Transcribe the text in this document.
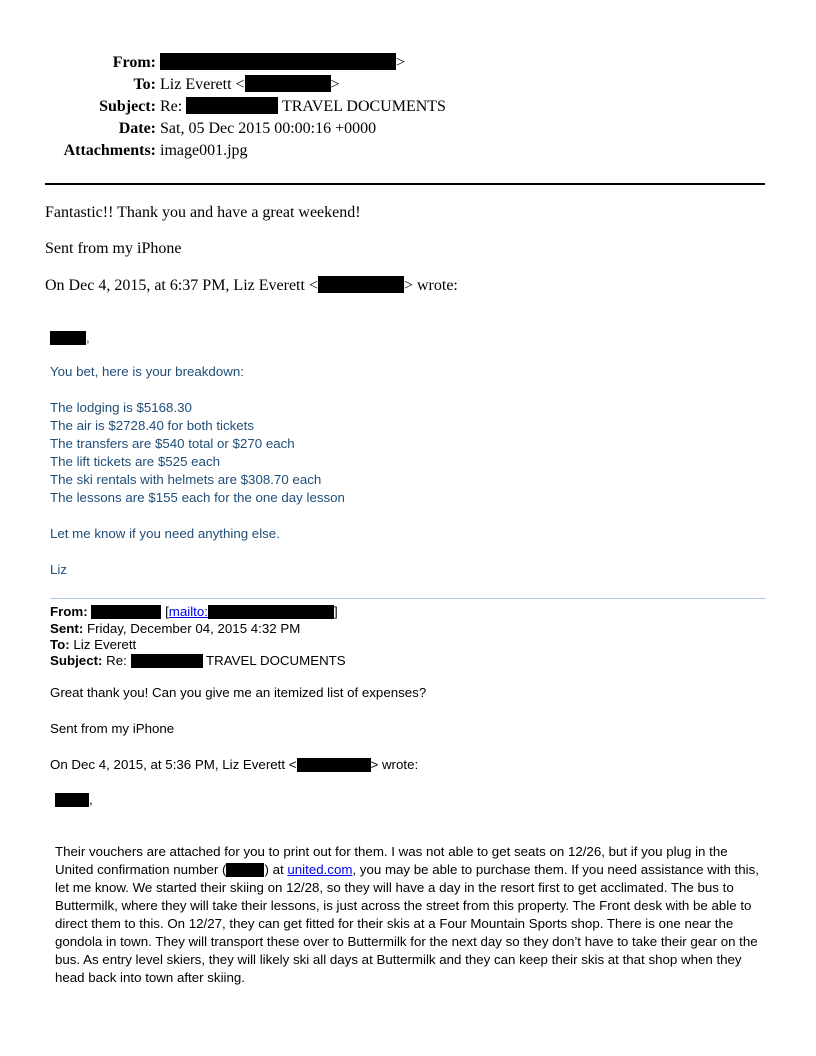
From:	>
To: Liz Everett <	>
Subject: Re:	TRAVEL DOCUMENTS
Date: Sat, 05 Dec 2015 00:00:16 +0000
Attachments: image001.jpg
Fantastic!! Thank you and have a great weekend!
Sent from my iPhone
On Dec 4, 2015, at 6:37 PM, Liz Everett <	> wrote:
,
You bet, here is your breakdown:
The lodging is $5168.30
The air is $2728.40 for both tickets
The transfers are $540 total or $270 each
The lift tickets are $525 each
The ski rentals with helmets are $308.70 each
The lessons are $155 each for the one day lesson
Let me know if you need anything else.
Liz
From:	[mailto:	]
Sent: Friday, December 04, 2015 4:32 PM
To: Liz Everett
Subject: Re:	TRAVEL DOCUMENTS
Great thank you! Can you give me an itemized list of expenses?
Sent from my iPhone
On Dec 4, 2015, at 5:36 PM, Liz Everett <	> wrote:
,
Their vouchers are attached for you to print out for them. I was not able to get seats on 12/26, but if you plug in the United confirmation number (	) at united.com, you may be able to purchase them. If you need assistance with this, let me know. We started their skiing on 12/28, so they will have a day in the resort first to get acclimated. The bus to Buttermilk, where they will take their lessons, is just across the street from this property. The Front desk with be able to direct them to this. On 12/27, they can get fitted for their skis at a Four Mountain Sports shop. There is one near the gondola in town. They will transport these over to Buttermilk for the next day so they don’t have to take their gear on the bus. As entry level skiers, they will likely ski all days at Buttermilk and they can keep their skis at that shop when they head back into town after skiing.
